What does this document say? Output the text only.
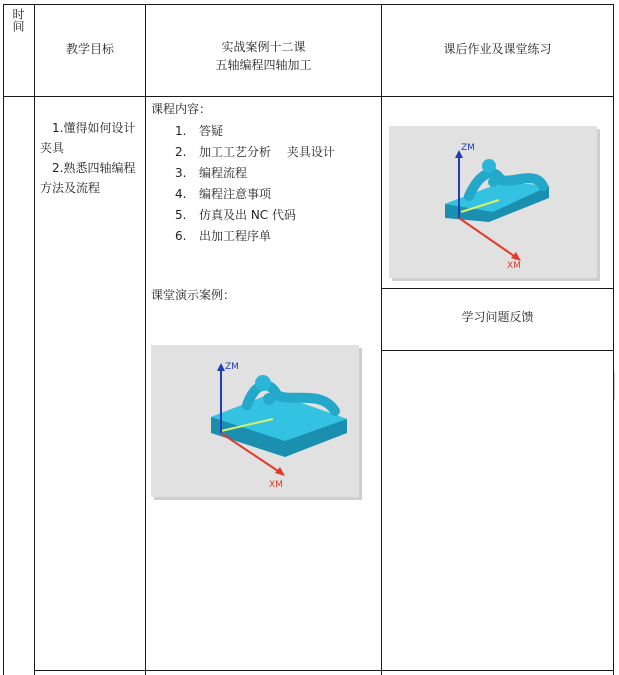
时间
教学目标	实战案例十二课
五轴编程四轴加工
课后作业及课堂练习

1.懂得如何设计夹具

2.熟悉四轴编程方法及流程

课程内容：
1. 答疑
2. 加工工艺分析　 夹具设计
3. 编程流程
4. 编程注意事项
5. 仿真及出 NC 代码
6. 出加工程序单
课堂演示案例：
ZM
XM
ZM
XM
学习问题反馈
